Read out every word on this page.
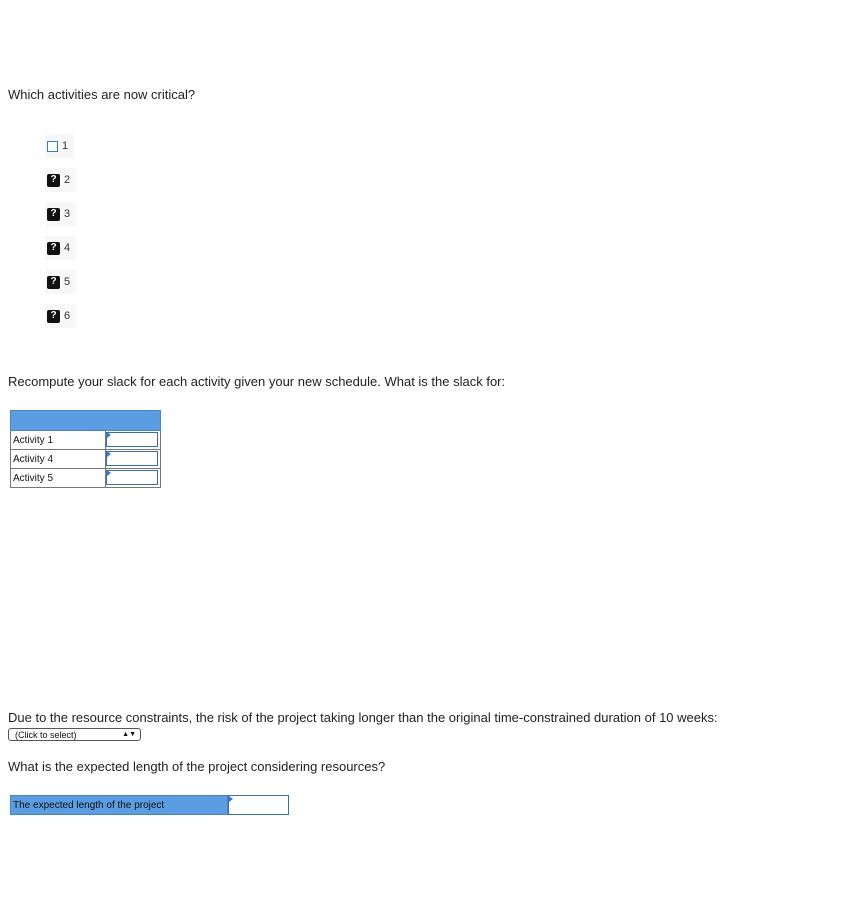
Which activities are now critical?
1
? 2
? 3
? 4
? 5
? 6
Recompute your slack for each activity given your new schedule. What is the slack for:

Activity 1	

Activity 4	

Activity 5	
Due to the resource constraints, the risk of the project taking longer than the original time-constrained duration of 10 weeks:
(Click to select)	▲▼
What is the expected length of the project considering resources?
The expected length of the project
